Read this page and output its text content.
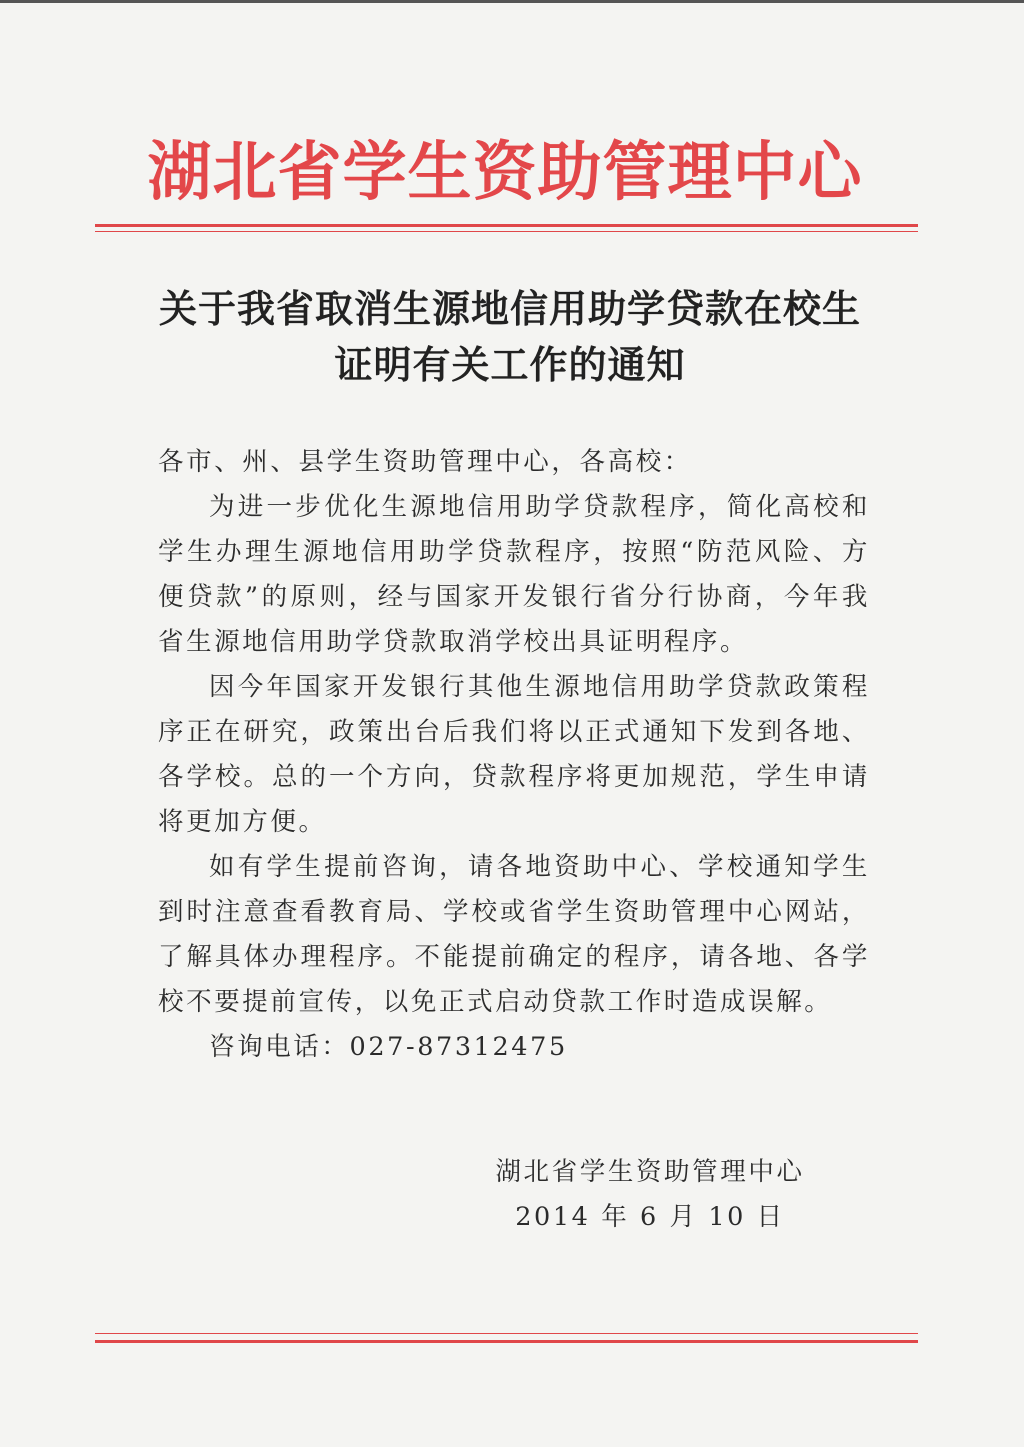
湖北省学生资助管理中心
关于我省取消生源地信用助学贷款在校生
证明有关工作的通知

各市、州、县学生资助管理中心，各高校：

为进一步优化生源地信用助学贷款程序，简化高校和学生办理生源地信用助学贷款程序，按照“防范风险、方便贷款”的原则，经与国家开发银行省分行协商，今年我省生源地信用助学贷款取消学校出具证明程序。

因今年国家开发银行其他生源地信用助学贷款政策程序正在研究，政策出台后我们将以正式通知下发到各地、各学校。总的一个方向，贷款程序将更加规范，学生申请将更加方便。

如有学生提前咨询，请各地资助中心、学校通知学生到时注意查看教育局、学校或省学生资助管理中心网站，了解具体办理程序。不能提前确定的程序，请各地、各学校不要提前宣传，以免正式启动贷款工作时造成误解。

咨询电话：027-87312475

湖北省学生资助管理中心
2014 年 6 月 10 日
